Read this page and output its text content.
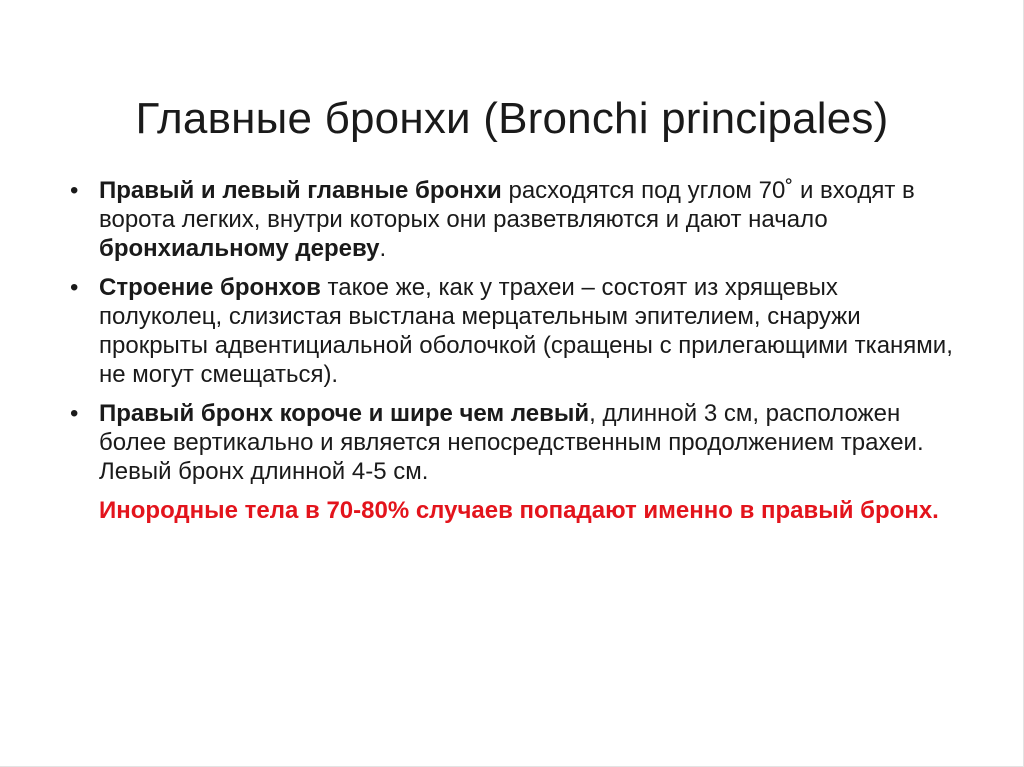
Главные бронхи (Bronchi principales)
• Правый и левый главные бронхи расходятся под углом 70˚ и входят в ворота легких, внутри которых они разветвляются и дают начало бронхиальному дереву.
• Строение бронхов такое же, как у трахеи – состоят из хрящевых полуколец, слизистая выстлана мерцательным эпителием, снаружи прокрыты адвентициальной оболочкой (сращены с прилегающими тканями, не могут смещаться).
• Правый бронх короче и шире чем левый, длинной 3 см, расположен более вертикально и является непосредственным продолжением трахеи. Левый бронх длинной 4-5 см.
Инородные тела в 70-80% случаев попадают именно в правый бронх.
